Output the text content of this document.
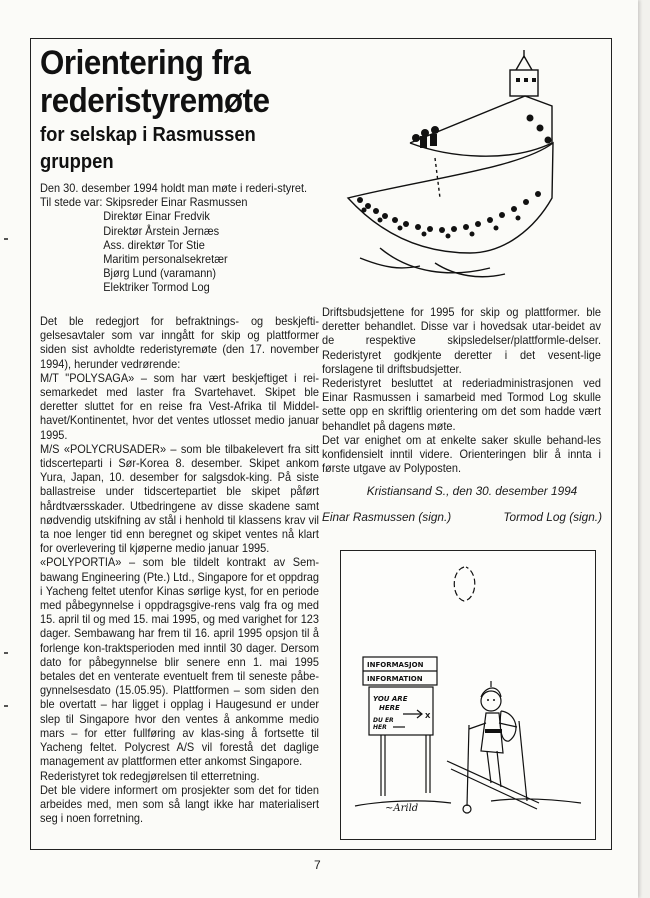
Orientering fra
rederistyremøte
for selskap i Rasmussen
gruppen

Den 30. desember 1994 holdt man møte i rederi-styret.

Til stede var: Skipsreder Einar Rasmussen
Direktør Einar Fredvik
Direktør Årstein Jernæs
Ass. direktør Tor Stie
Maritim personalsekretær
Bjørg Lund (varamann)
Elektriker Tormod Log

Det ble redegjort for befraktnings- og beskjefti-gelsesavtaler som var inngått for skip og plattformer siden sist avholdte rederistyremøte (den 17. november 1994), herunder vedrørende:

M/T "POLYSAGA» – som har vært beskjeftiget i rei-semarkedet med laster fra Svartehavet. Skipet ble deretter sluttet for en reise fra Vest-Afrika til Middel-havet/Kontinentet, hvor det ventes utlosset medio januar 1995.

M/S «POLYCRUSADER» – som ble tilbakelevert fra sitt tidscerteparti i Sør-Korea 8. desember. Skipet ankom Yura, Japan, 10. desember for salgsdok-king. På siste ballastreise under tidscertepartiet ble skipet påført hårdtværsskader. Utbedringene av disse skadene samt nødvendig utskifning av stål i henhold til klassens krav vil ta noe lenger tid enn beregnet og skipet ventes nå klart for overlevering til kjøperne medio januar 1995.

«POLYPORTIA» – som ble tildelt kontrakt av Sem-bawang Engineering (Pte.) Ltd., Singapore for et oppdrag i Yacheng feltet utenfor Kinas sørlige kyst, for en periode med påbegynnelse i oppdragsgive-rens valg fra og med 15. april til og med 15. mai 1995, og med varighet for 123 dager. Sembawang har frem til 16. april 1995 opsjon til å forlenge kon-traktsperioden med inntil 30 dager. Dersom dato for påbegynnelse blir senere enn 1. mai 1995 betales det en venterate eventuelt frem til seneste påbe-gynnelsesdato (15.05.95). Plattformen – som siden den ble overtatt – har ligget i opplag i Haugesund er under slep til Singapore hvor den ventes å ankomme medio mars – for etter fullføring av klas-sing å fortsette til Yacheng feltet. Polycrest A/S vil forestå det daglige management av plattformen etter ankomst Singapore.

Rederistyret tok redegjørelsen til etterretning.

Det ble videre informert om prosjekter som det for tiden arbeides med, men som så langt ikke har materialisert seg i noen forretning.

Driftsbudsjettene for 1995 for skip og plattformer. ble deretter behandlet. Disse var i hovedsak utar-beidet av de respektive skipsledelser/plattformle-delser. Rederistyret godkjente deretter i det vesent-lige forslagene til driftsbudsjetter.

Rederistyret besluttet at rederiadministrasjonen ved Einar Rasmussen i samarbeid med Tormod Log skulle sette opp en skriftlig orientering om det som hadde vært behandlet på dagens møte.

Det var enighet om at enkelte saker skulle behand-les konfidensielt inntil videre. Orienteringen blir å innta i første utgave av Polyposten.

Kristiansand S., den 30. desember 1994
Einar Rasmussen (sign.)	Tormod Log (sign.)
INFORMASJON
INFORMATION
YOU ARE
HERE
DU ER
HER
X
~Arild
7
